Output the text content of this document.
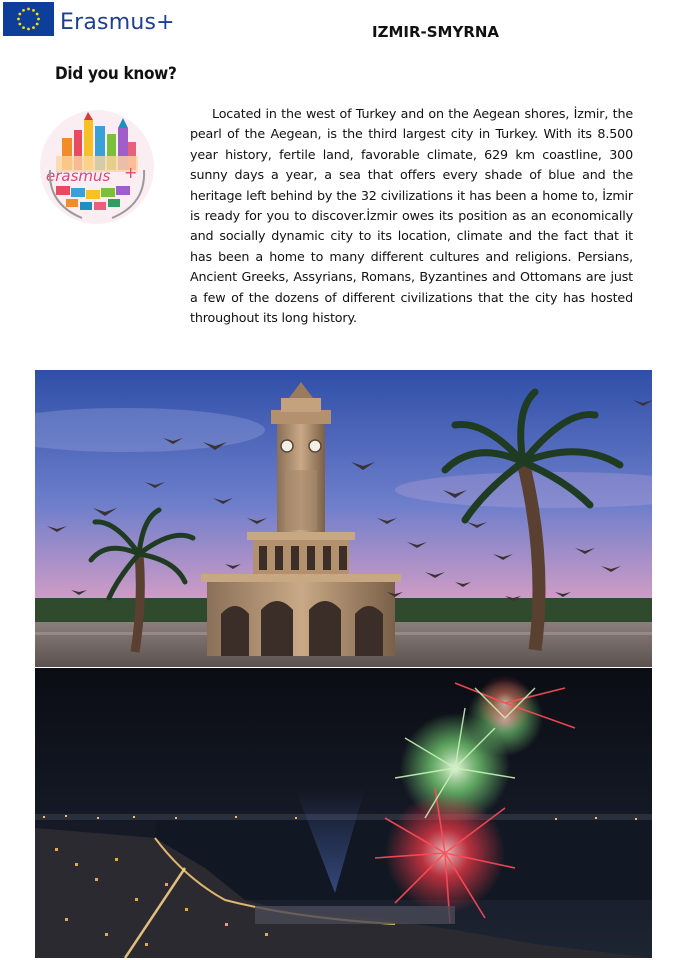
Erasmus+	IZMIR-SMYRNA
Did you know?
erasmus +

Located in the west of Turkey and on the Aegean shores, İzmir, the pearl of the Aegean, is the third largest city in Turkey. With its 8.500 year history, fertile land, favorable climate, 629 km coastline, 300 sunny days a year, a sea that offers every shade of blue and the heritage left behind by the 32 civilizations it has been a home to, İzmir is ready for you to discover.İzmir owes its position as an economically and socially dynamic city to its location, climate and the fact that it has been a home to many different cultures and religions. Persians, Ancient Greeks, Assyrians, Romans, Byzantines and Ottomans are just a few of the dozens of different civilizations that the city has hosted throughout its long history.
